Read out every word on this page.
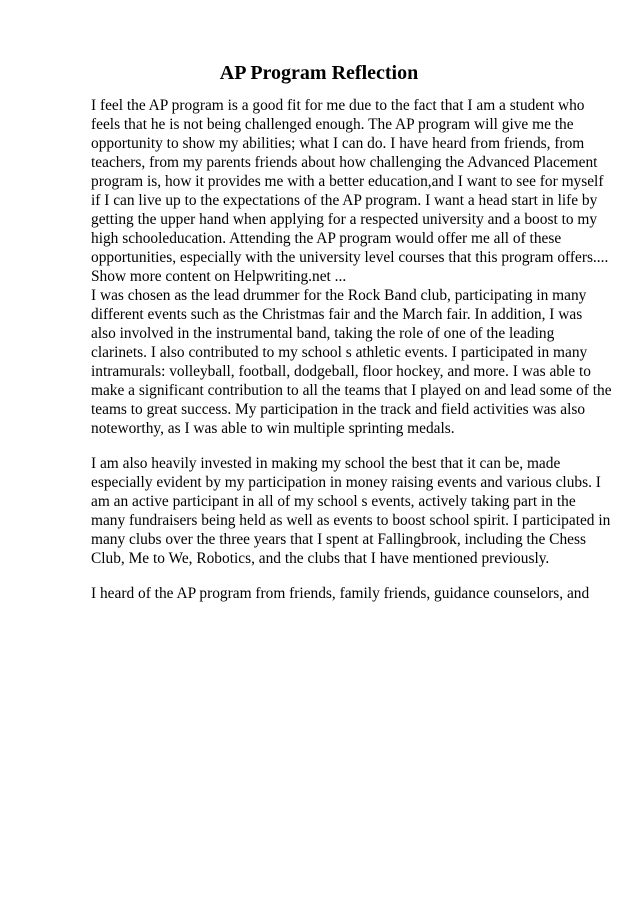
AP Program Reflection

I feel the AP program is a good fit for me due to the fact that I am a student who

feels that he is not being challenged enough. The AP program will give me the

opportunity to show my abilities; what I can do. I have heard from friends, from

teachers, from my parents friends about how challenging the Advanced Placement

program is, how it provides me with a better education,and I want to see for myself

if I can live up to the expectations of the AP program. I want a head start in life by

getting the upper hand when applying for a respected university and a boost to my

high schooleducation. Attending the AP program would offer me all of these

opportunities, especially with the university level courses that this program offers....

Show more content on Helpwriting.net ...

I was chosen as the lead drummer for the Rock Band club, participating in many

different events such as the Christmas fair and the March fair. In addition, I was

also involved in the instrumental band, taking the role of one of the leading

clarinets. I also contributed to my school s athletic events. I participated in many

intramurals: volleyball, football, dodgeball, floor hockey, and more. I was able to

make a significant contribution to all the teams that I played on and lead some of the

teams to great success. My participation in the track and field activities was also

noteworthy, as I was able to win multiple sprinting medals.

I am also heavily invested in making my school the best that it can be, made

especially evident by my participation in money raising events and various clubs. I

am an active participant in all of my school s events, actively taking part in the

many fundraisers being held as well as events to boost school spirit. I participated in

many clubs over the three years that I spent at Fallingbrook, including the Chess

Club, Me to We, Robotics, and the clubs that I have mentioned previously.

I heard of the AP program from friends, family friends, guidance counselors, and
